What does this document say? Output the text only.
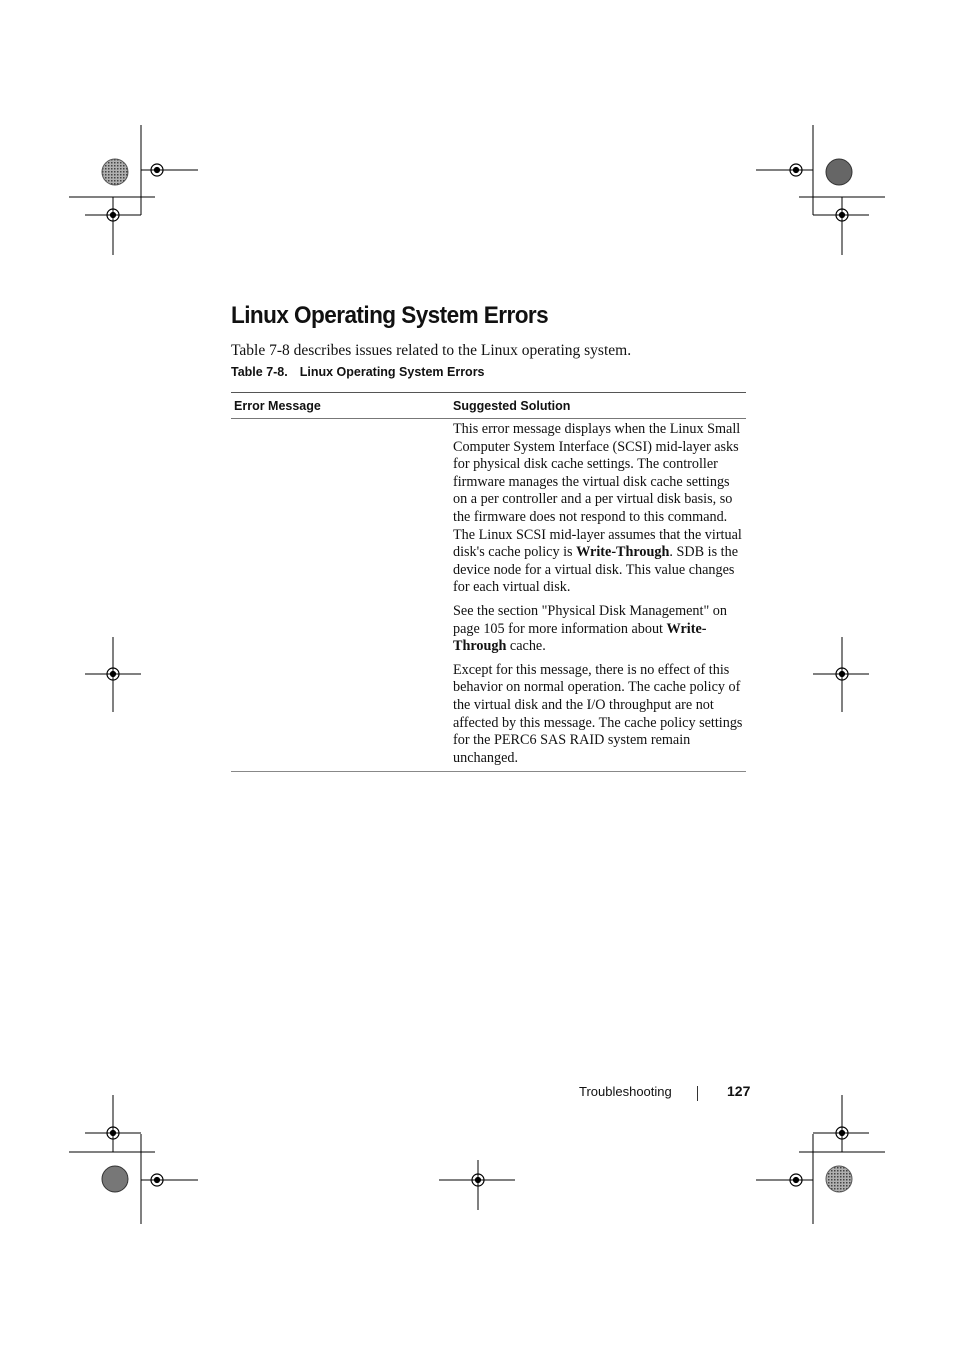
Linux Operating System Errors

Table 7-8 describes issues related to the Linux operating system.

Table 7-8. Linux Operating System Errors
Error Message	Suggested Solution

This error message displays when the Linux Small Computer System Interface (SCSI) mid-layer asks for physical disk cache settings. The controller firmware manages the virtual disk cache settings on a per controller and a per virtual disk basis, so the firmware does not respond to this command. The Linux SCSI mid-layer assumes that the virtual disk's cache policy is Write-Through. SDB is the device node for a virtual disk. This value changes for each virtual disk.

See the section "Physical Disk Management" on page 105 for more information about Write-Through cache.

Except for this message, there is no effect of this behavior on normal operation. The cache policy of the virtual disk and the I/O throughput are not affected by this message. The cache policy settings for the PERC6 SAS RAID system remain unchanged.

Troubleshooting	127
